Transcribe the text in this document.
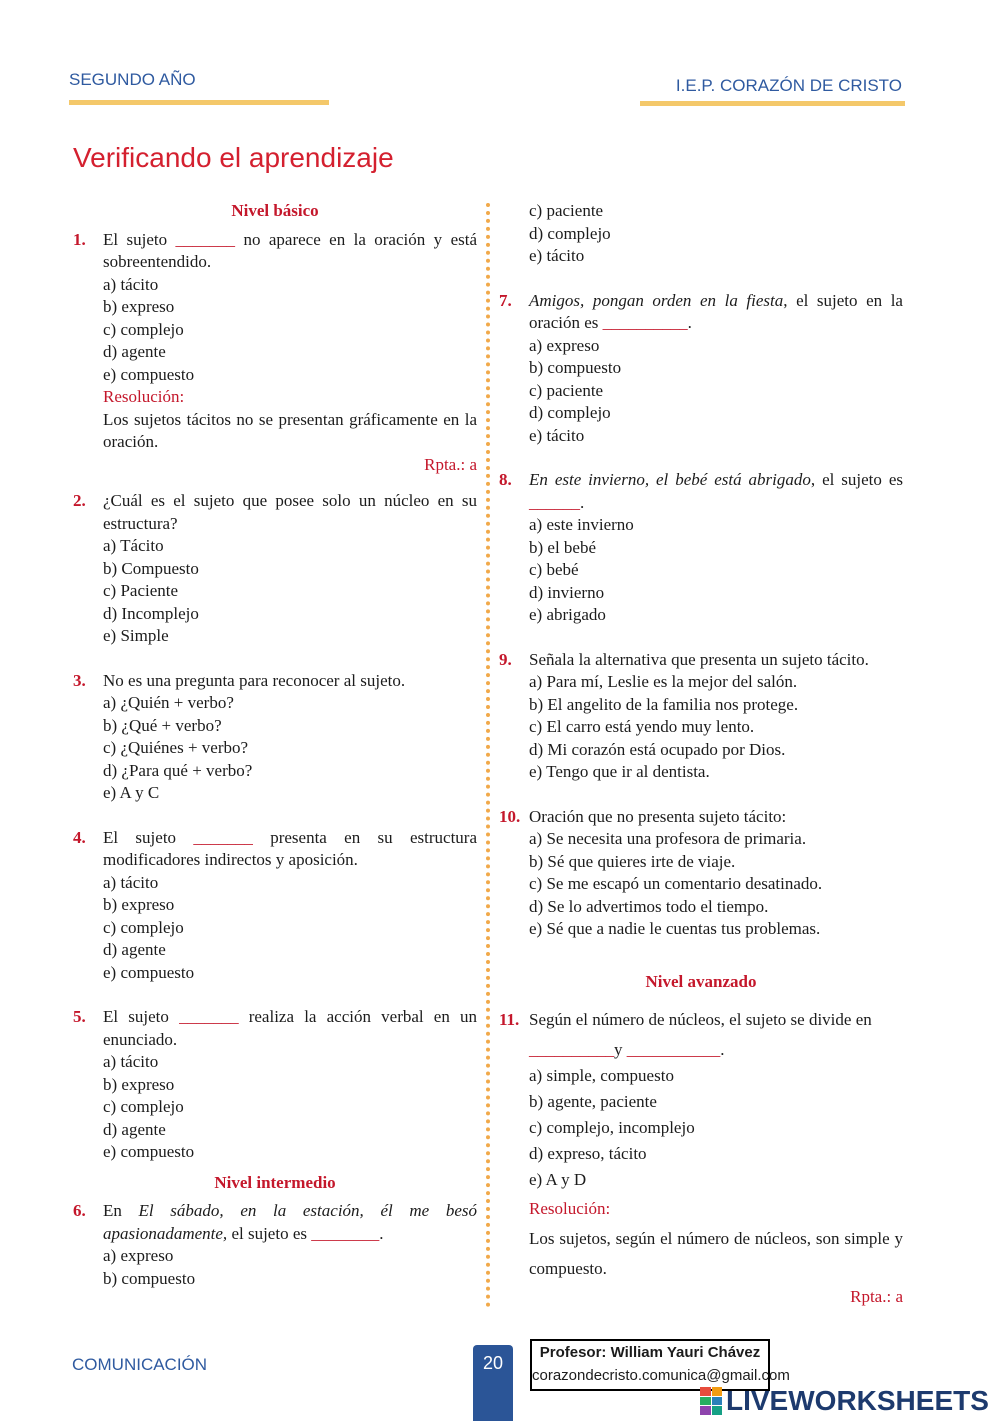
SEGUNDO AÑO	I.E.P. CORAZÓN DE CRISTO
Verificando el aprendizaje
Nivel básico
1.	El sujeto _______ no aparece en la oración y está sobreentendido.
a) tácito
b) expreso
c) complejo
d) agente
e) compuesto
Resolución:
Los sujetos tácitos no se presentan gráficamente en la oración.
Rpta.: a
2.	¿Cuál es el sujeto que posee solo un núcleo en su estructura?
a) Tácito
b) Compuesto
c) Paciente
d) Incomplejo
e) Simple
3.	No es una pregunta para reconocer al sujeto.
a) ¿Quién + verbo?
b) ¿Qué + verbo?
c) ¿Quiénes + verbo?
d) ¿Para qué + verbo?
e) A y C
4.	El sujeto _______ presenta en su estructura modificadores indirectos y aposición.
a) tácito
b) expreso
c) complejo
d) agente
e) compuesto
5.	El sujeto _______ realiza la acción verbal en un enunciado.
a) tácito
b) expreso
c) complejo
d) agente
e) compuesto
Nivel intermedio
6.	En El sábado, en la estación, él me besó apasionadamente, el sujeto es ________.
a) expreso
b) compuesto
c) paciente
d) complejo
e) tácito
7.	Amigos, pongan orden en la fiesta, el sujeto en la oración es __________.
a) expreso
b) compuesto
c) paciente
d) complejo
e) tácito
8.	En este invierno, el bebé está abrigado, el sujeto es ______.
a) este invierno
b) el bebé
c) bebé
d) invierno
e) abrigado
9.	Señala la alternativa que presenta un sujeto tácito.
a) Para mí, Leslie es la mejor del salón.
b) El angelito de la familia nos protege.
c) El carro está yendo muy lento.
d) Mi corazón está ocupado por Dios.
e) Tengo que ir al dentista.
10. Oración que no presenta sujeto tácito:
a) Se necesita una profesora de primaria.
b) Sé que quieres irte de viaje.
c) Se me escapó un comentario desatinado.
d) Se lo advertimos todo el tiempo.
e) Sé que a nadie le cuentas tus problemas.
Nivel avanzado
11. Según el número de núcleos, el sujeto se divide en
__________y ___________.
a) simple, compuesto
b) agente, paciente
c) complejo, incomplejo
d) expreso, tácito
e) A y D
Resolución:
Los sujetos, según el número de núcleos, son simple y compuesto.
Rpta.: a
COMUNICACIÓN	20
Profesor: William Yauri Chávez
corazondecristo.comunica@gmail.com
LIVEWORKSHEETS
